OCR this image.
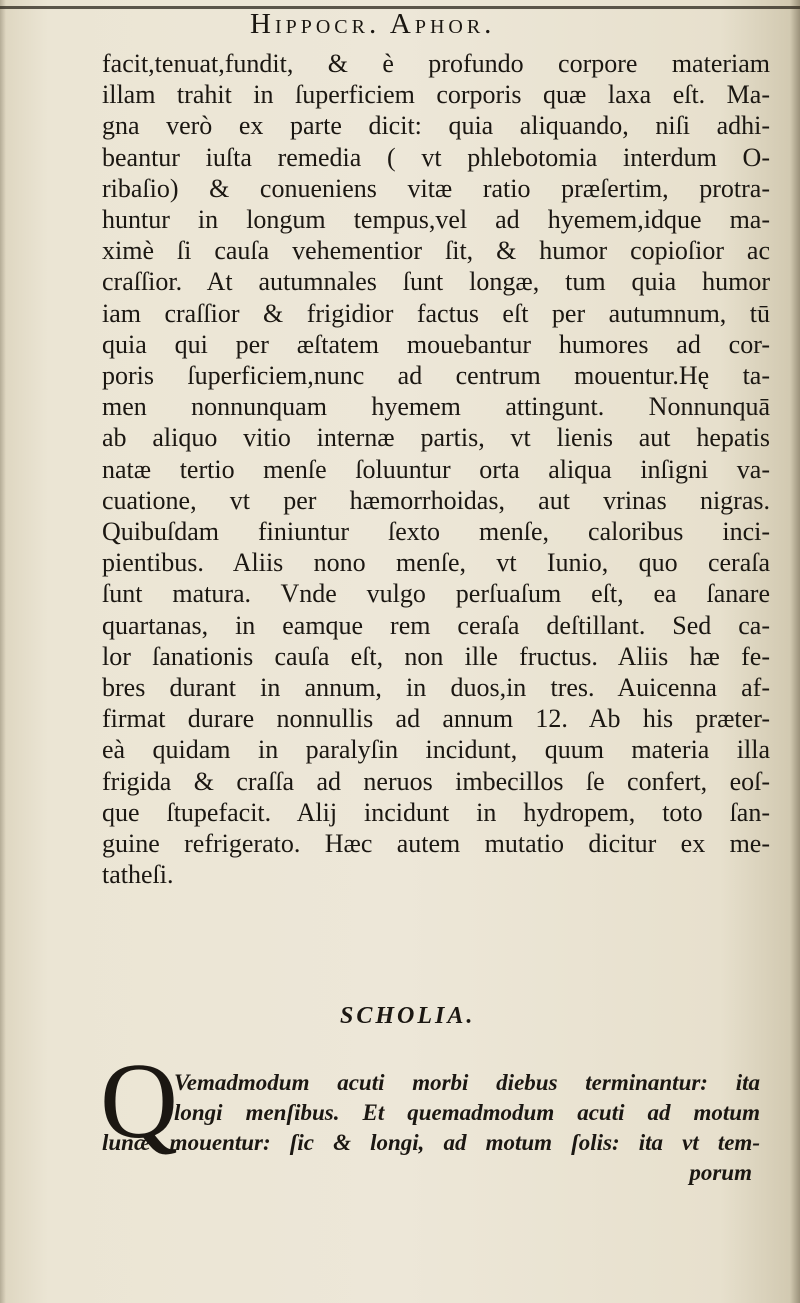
Hippocr. Aphor.
facit,tenuat,fundit, & è profundo corpore materiam
illam trahit in ſuperficiem corporis quæ laxa eſt. Ma-
gna verò ex parte dicit: quia aliquando, niſi adhi-
beantur iuſta remedia ( vt phlebotomia interdum O-
ribaſio) & conueniens vitæ ratio præſertim, protra-
huntur in longum tempus,vel ad hyemem,idque ma-
ximè ſi cauſa vehementior ſit, & humor copioſior ac
craſſior. At autumnales ſunt longæ, tum quia humor
iam craſſior & frigidior factus eſt per autumnum, tū
quia qui per æſtatem mouebantur humores ad cor-
poris ſuperficiem,nunc ad centrum mouentur.Hę ta-
men nonnunquam hyemem attingunt. Nonnunquā
ab aliquo vitio internæ partis, vt lienis aut hepatis
natæ tertio menſe ſoluuntur orta aliqua inſigni va-
cuatione, vt per hæmorrhoidas, aut vrinas nigras.
Quibuſdam finiuntur ſexto menſe, caloribus inci-
pientibus. Aliis nono menſe, vt Iunio, quo ceraſa
ſunt matura. Vnde vulgo perſuaſum eſt, ea ſanare
quartanas, in eamque rem ceraſa deſtillant. Sed ca-
lor ſanationis cauſa eſt, non ille fructus. Aliis hæ fe-
bres durant in annum, in duos,in tres. Auicenna af-
firmat durare nonnullis ad annum 12. Ab his præter-
eà quidam in paralyſin incidunt, quum materia illa
frigida & craſſa ad neruos imbecillos ſe confert, eoſ-
que ſtupefacit. Alij incidunt in hydropem, toto ſan-
guine refrigerato. Hæc autem mutatio dicitur ex me-
tatheſi.
SCHOLIA.
Q
Vemadmodum acuti morbi diebus terminantur: ita
longi menſibus. Et quemadmodum acuti ad motum
lunæ mouentur: ſic & longi, ad motum ſolis: ita vt tem-
porum
